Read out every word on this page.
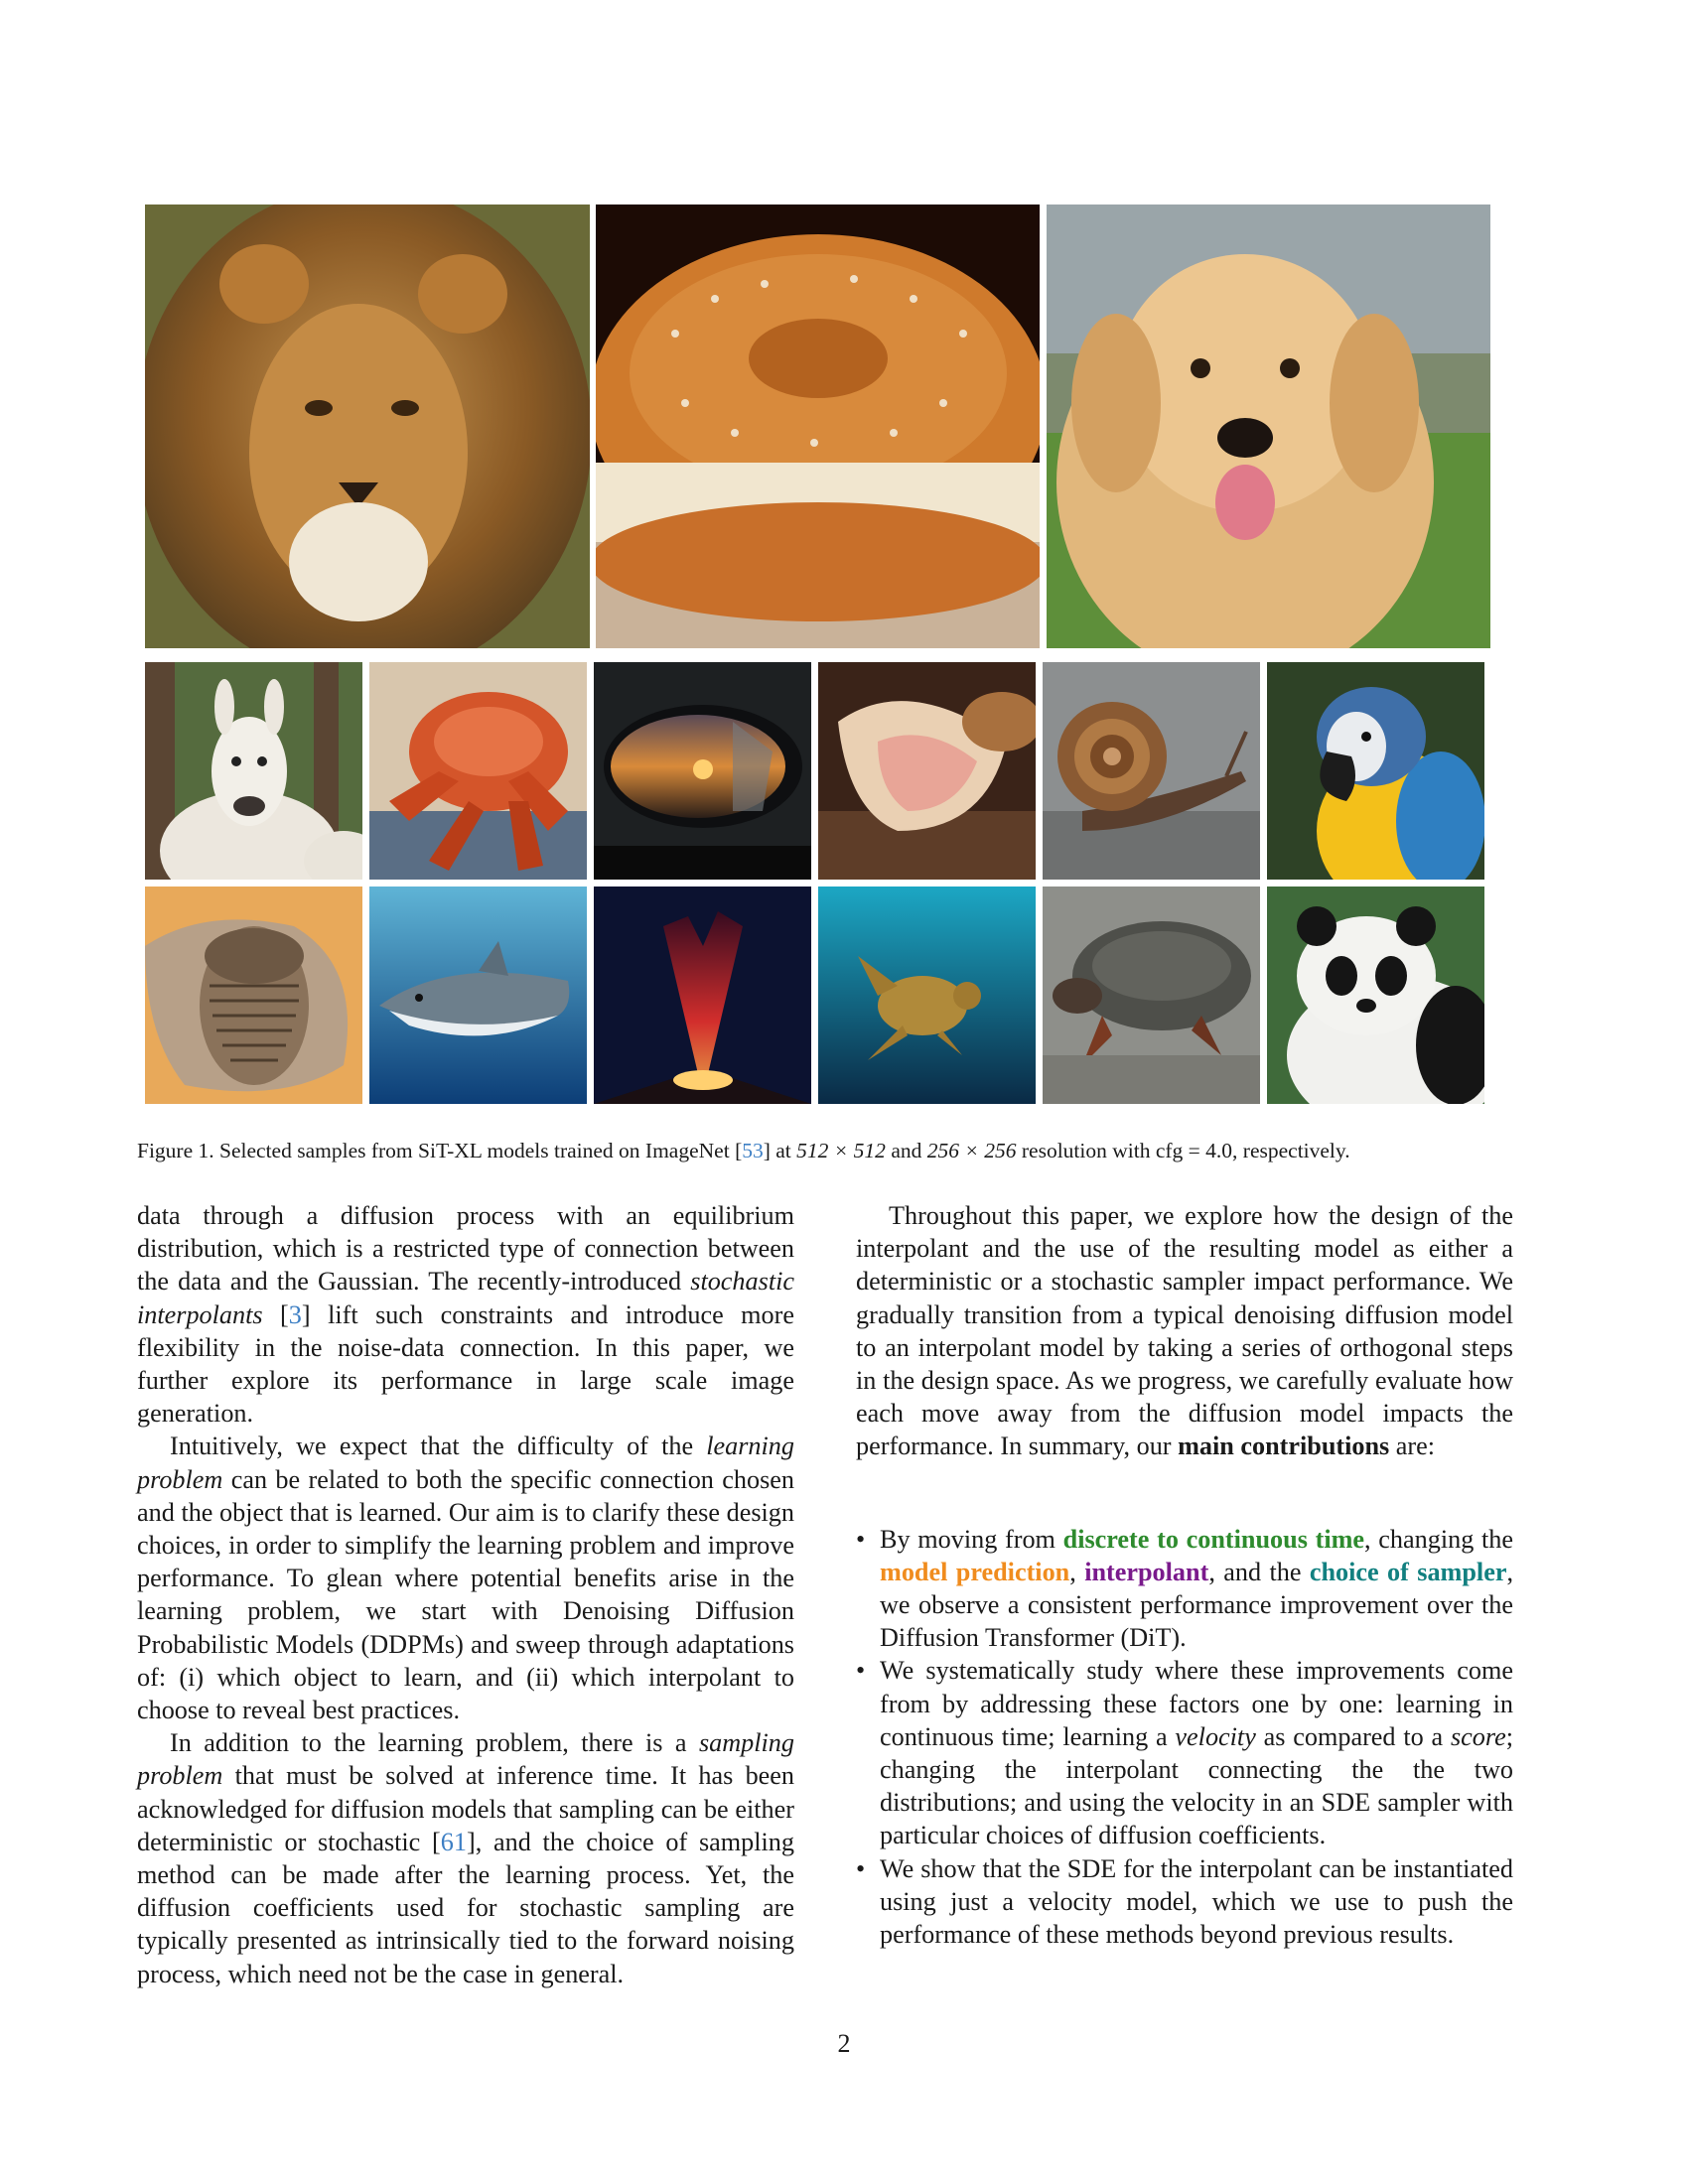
Figure 1. Selected samples from SiT-XL models trained on ImageNet [53] at 512 × 512 and 256 × 256 resolution with cfg = 4.0, respectively.

data through a diffusion process with an equilibrium distribution, which is a restricted type of connection between the data and the Gaussian. The recently-introduced stochastic interpolants [3] lift such constraints and introduce more flexibility in the noise-data connection. In this paper, we further explore its performance in large scale image generation.

Intuitively, we expect that the difficulty of the learning problem can be related to both the specific connection chosen and the object that is learned. Our aim is to clarify these design choices, in order to simplify the learning problem and improve performance. To glean where potential benefits arise in the learning problem, we start with Denoising Diffusion Probabilistic Models (DDPMs) and sweep through adaptations of: (i) which object to learn, and (ii) which interpolant to choose to reveal best practices.

In addition to the learning problem, there is a sampling problem that must be solved at inference time. It has been acknowledged for diffusion models that sampling can be either deterministic or stochastic [61], and the choice of sampling method can be made after the learning process. Yet, the diffusion coefficients used for stochastic sampling are typically presented as intrinsically tied to the forward noising process, which need not be the case in general.

Throughout this paper, we explore how the design of the interpolant and the use of the resulting model as either a deterministic or a stochastic sampler impact performance. We gradually transition from a typical denoising diffusion model to an interpolant model by taking a series of orthogonal steps in the design space. As we progress, we carefully evaluate how each move away from the diffusion model impacts the performance. In summary, our main contributions are:

• By moving from discrete to continuous time, changing the model prediction, interpolant, and the choice of sampler, we observe a consistent performance improvement over the Diffusion Transformer (DiT).
• We systematically study where these improvements come from by addressing these factors one by one: learning in continuous time; learning a velocity as compared to a score; changing the interpolant connecting the the two distributions; and using the velocity in an SDE sampler with particular choices of diffusion coefficients.
• We show that the SDE for the interpolant can be instantiated using just a velocity model, which we use to push the performance of these methods beyond previous results.
2
